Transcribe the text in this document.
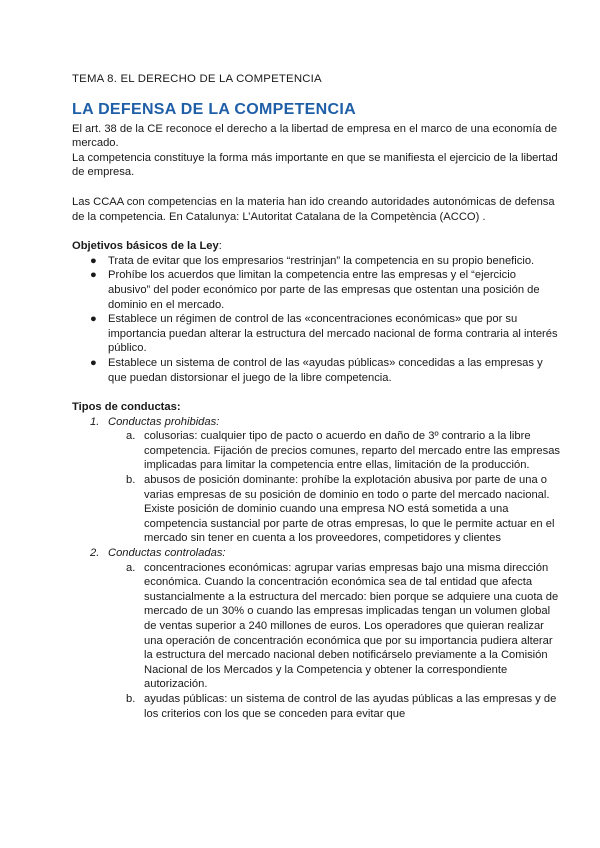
TEMA 8. EL DERECHO DE LA COMPETENCIA

LA DEFENSA DE LA COMPETENCIA

El art. 38 de la CE reconoce el derecho a la libertad de empresa en el marco de una economía de mercado.

La competencia constituye la forma más importante en que se manifiesta el ejercicio de la libertad de empresa.

Las CCAA con competencias en la materia han ido creando autoridades autonómicas de defensa de la competencia. En Catalunya: L’Autoritat Catalana de la Competència (ACCO) .

Objetivos básicos de la Ley:

● Trata de evitar que los empresarios “restrinjan” la competencia en su propio beneficio.
● Prohíbe los acuerdos que limitan la competencia entre las empresas y el “ejercicio abusivo” del poder económico por parte de las empresas que ostentan una posición de dominio en el mercado.
● Establece un régimen de control de las «concentraciones económicas» que por su importancia puedan alterar la estructura del mercado nacional de forma contraria al interés público.
● Establece un sistema de control de las «ayudas públicas» concedidas a las empresas y que puedan distorsionar el juego de la libre competencia.

Tipos de conductas:

1. Conductas prohibidas:
a. colusorias: cualquier tipo de pacto o acuerdo en daño de 3º contrario a la libre competencia. Fijación de precios comunes, reparto del mercado entre las empresas implicadas para limitar la competencia entre ellas, limitación de la producción.
b. abusos de posición dominante: prohíbe la explotación abusiva por parte de una o varias empresas de su posición de dominio en todo o parte del mercado nacional. Existe posición de dominio cuando una empresa NO está sometida a una competencia sustancial por parte de otras empresas, lo que le permite actuar en el mercado sin tener en cuenta a los proveedores, competidores y clientes
2. Conductas controladas:
a. concentraciones económicas: agrupar varias empresas bajo una misma dirección económica. Cuando la concentración económica sea de tal entidad que afecta sustancialmente a la estructura del mercado: bien porque se adquiere una cuota de mercado de un 30% o cuando las empresas implicadas tengan un volumen global de ventas superior a 240 millones de euros. Los operadores que quieran realizar una operación de concentración económica que por su importancia pudiera alterar la estructura del mercado nacional deben notificárselo previamente a la Comisión Nacional de los Mercados y la Competencia y obtener la correspondiente autorización.
b. ayudas públicas: un sistema de control de las ayudas públicas a las empresas y de los criterios con los que se conceden para evitar que
